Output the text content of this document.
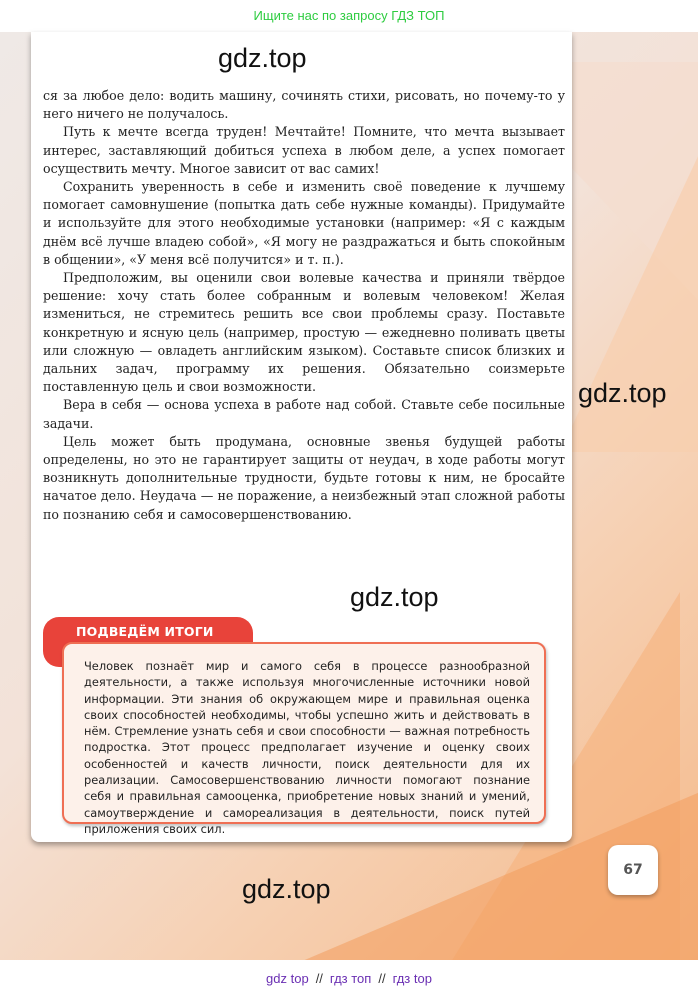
Ищите нас по запросу ГДЗ ТОП

ся за любое дело: водить машину, сочинять стихи, рисовать, но почему-то у него ничего не получалось.

Путь к мечте всегда труден! Мечтайте! Помните, что мечта вызывает интерес, заставляющий добиться успеха в любом деле, а успех помогает осуществить мечту. Многое зависит от вас самих!

Сохранить уверенность в себе и изменить своё поведение к лучшему помогает самовнушение (попытка дать себе нужные команды). Придумайте и используйте для этого необходимые установки (например: «Я с каждым днём всё лучше владею собой», «Я могу не раздражаться и быть спокойным в общении», «У меня всё получится» и т. п.).

Предположим, вы оценили свои волевые качества и приняли твёрдое решение: хочу стать более собранным и волевым человеком! Желая измениться, не стремитесь решить все свои проблемы сразу. Поставьте конкретную и ясную цель (например, простую — ежедневно поливать цветы или сложную — овладеть английским языком). Составьте список близких и дальних задач, программу их решения. Обязательно соизмерьте поставленную цель и свои возможности.

Вера в себя — основа успеха в работе над собой. Ставьте себе посильные задачи.

Цель может быть продумана, основные звенья будущей работы определены, но это не гарантирует защиты от неудач, в ходе работы могут возникнуть дополнительные трудности, будьте готовы к ним, не бросайте начатое дело. Неудача — не поражение, а неизбежный этап сложной работы по познанию себя и самосовершенствованию.

gdz.top
gdz.top
gdz.top
ПОДВЕДЁМ ИТОГИ

Человек познаёт мир и самого себя в процессе разнообразной деятельности, а также используя многочисленные источники новой информации. Эти знания об окружающем мире и правильная оценка своих способностей необходимы, чтобы успешно жить и действовать в нём. Стремление узнать себя и свои способности — важная потребность подростка. Этот процесс предполагает изучение и оценку своих особенностей и качеств личности, поиск деятельности для их реализации. Самосовершенствованию личности помогают познание себя и правильная самооценка, приобретение новых знаний и умений, самоутверждение и самореализация в деятельности, поиск путей приложения своих сил.

67
gdz.top
gdz top // гдз топ // гдз top
